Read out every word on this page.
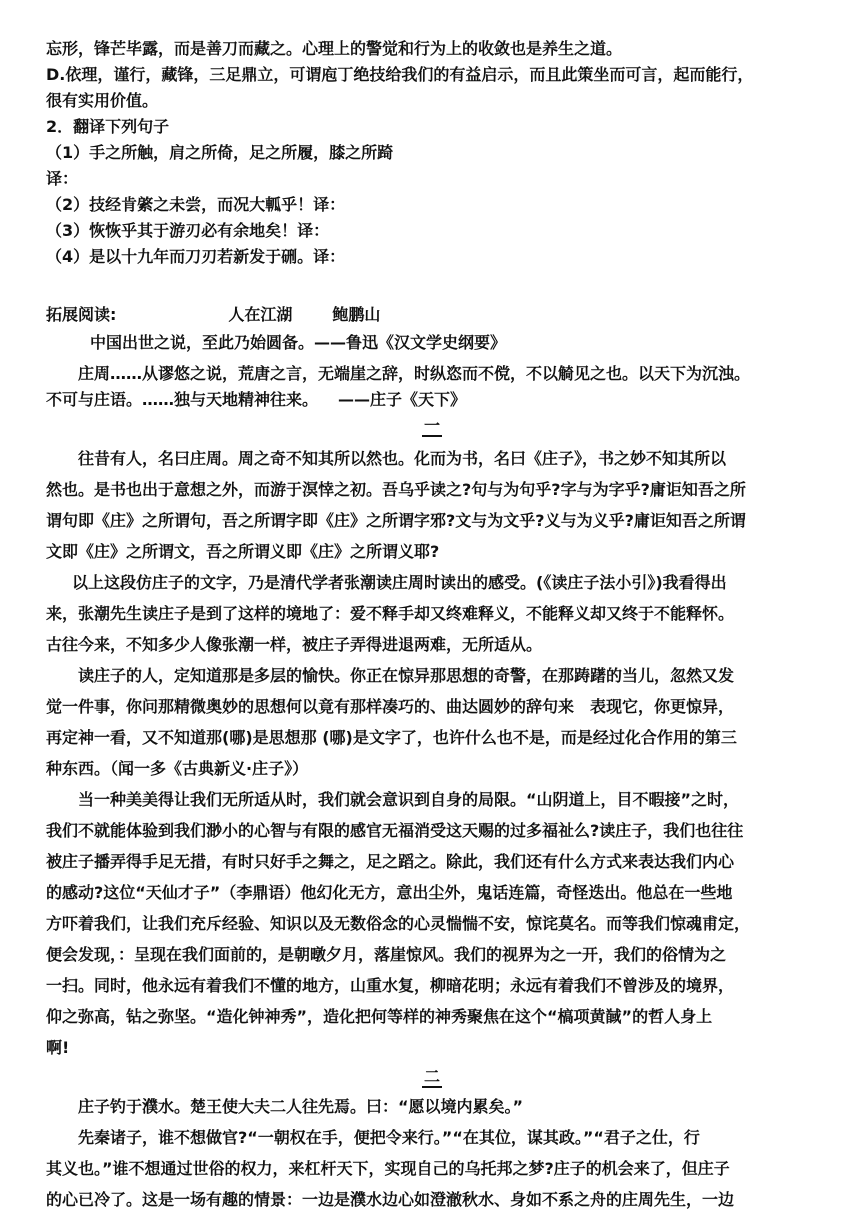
忘形，锋芒毕露，而是善刀而藏之。心理上的警觉和行为上的收敛也是养生之道。
D.依理，谨行，藏锋，三足鼎立，可谓庖丁绝技给我们的有益启示，而且此策坐而可言，起而能行，
很有实用价值。
2．翻译下列句子
（1）手之所触，肩之所倚，足之所履，膝之所踦
译：
（2）技经肯綮之未尝，而况大軱乎！译：
（3）恢恢乎其于游刃必有余地矣！译：
（4）是以十九年而刀刃若新发于硎。译：
拓展阅读:	人在江湖	鲍鹏山
中国出世之说，至此乃始圆备。——鲁迅《汉文学史纲要》
庄周……从谬悠之说，荒唐之言，无端崖之辞，时纵恣而不傥，不以觭见之也。以天下为沉浊。
不可与庄语。……独与天地精神往来。 ——庄子《天下》
一
往昔有人，名曰庄周。周之奇不知其所以然也。化而为书，名曰《庄子》，书之妙不知其所以
然也。是书也出于意想之外，而游于溟悻之初。吾乌乎读之?句与为句乎?字与为字乎?庸讵知吾之所
谓句即《庄》之所谓句，吾之所谓字即《庄》之所谓字邪?文与为文乎?义与为义乎?庸讵知吾之所谓
文即《庄》之所谓文，吾之所谓义即《庄》之所谓义耶?
以上这段仿庄子的文字，乃是清代学者张潮读庄周时读出的感受。(《读庄子法小引》)我看得出
来，张潮先生读庄子是到了这样的境地了：爱不释手却又终难释义，不能释义却又终于不能释怀。
古往今来，不知多少人像张潮一样，被庄子弄得进退两难，无所适从。
读庄子的人，定知道那是多层的愉快。你正在惊异那思想的奇警，在那踌躇的当儿，忽然又发
觉一件事，你问那精微奥妙的思想何以竟有那样凑巧的、曲达圆妙的辞句来　表现它，你更惊异，
再定神一看，又不知道那(哪)是思想那 (哪)是文字了，也许什么也不是，而是经过化合作用的第三
种东西。（闻一多《古典新义·庄子》）
当一种美美得让我们无所适从时，我们就会意识到自身的局限。“山阴道上，目不暇接”之时，
我们不就能体验到我们渺小的心智与有限的感官无福消受这天赐的过多福祉么?读庄子，我们也往往
被庄子播弄得手足无措，有时只好手之舞之，足之蹈之。除此，我们还有什么方式来表达我们内心
的感动?这位“天仙才子”（李鼎语）他幻化无方，意出尘外，鬼话连篇，奇怪迭出。他总在一些地
方吓着我们，让我们充斥经验、知识以及无数俗念的心灵惴惴不安，惊诧莫名。而等我们惊魂甫定，
便会发现，：呈现在我们面前的，是朝暾夕月，落崖惊风。我们的视界为之一开，我们的俗情为之
一扫。同时，他永远有着我们不懂的地方，山重水复，柳暗花明；永远有着我们不曾涉及的境界，
仰之弥高，钻之弥坚。“造化钟神秀”，造化把何等样的神秀聚焦在这个“槁项黄馘”的哲人身上
啊!
二
庄子钓于濮水。楚王使大夫二人往先焉。曰：“愿以境内累矣。”
先秦诸子，谁不想做官?“一朝权在手，便把令来行。”“在其位，谋其政。”“君子之仕，行
其义也。”谁不想通过世俗的权力，来杠杆天下，实现自己的乌托邦之梦?庄子的机会来了，但庄子
的心已冷了。这是一场有趣的情景：一边是濮水边心如澄澈秋水、身如不系之舟的庄周先生，一边
